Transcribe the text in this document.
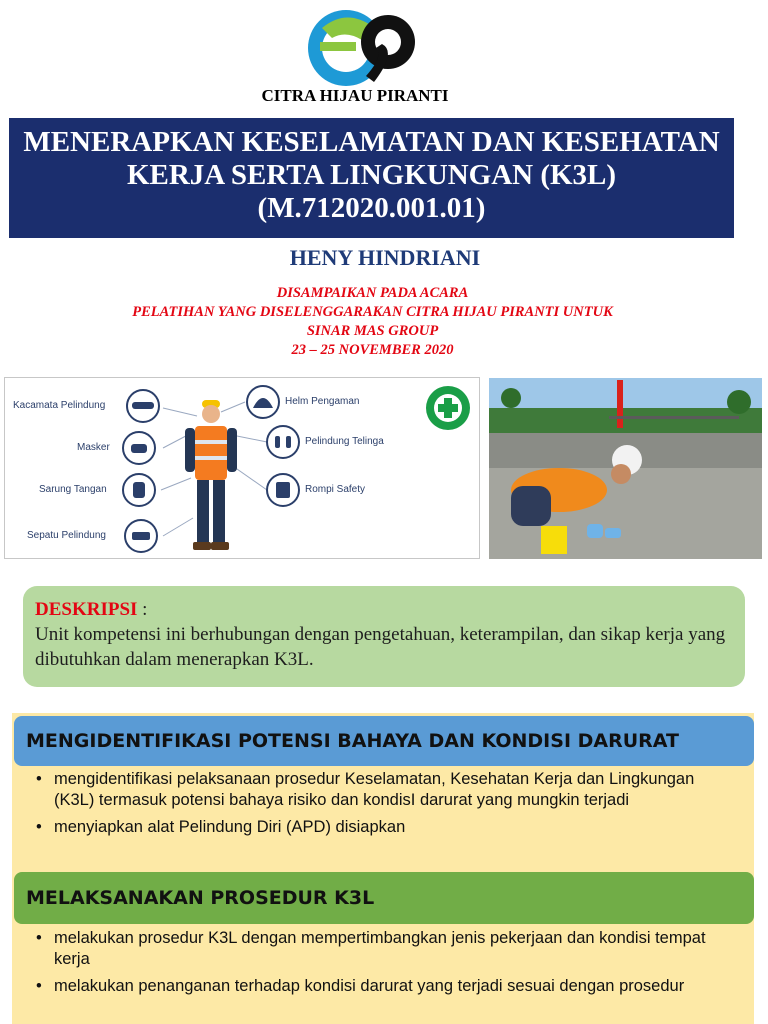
CITRA HIJAU PIRANTI
MENERAPKAN KESELAMATAN DAN KESEHATAN
KERJA SERTA LINGKUNGAN (K3L)
(M.712020.001.01)
HENY HINDRIANI
DISAMPAIKAN PADA ACARA
PELATIHAN YANG DISELENGGARAKAN CITRA HIJAU PIRANTI UNTUK
SINAR MAS GROUP
23 – 25 NOVEMBER 2020
Kacamata Pelindung
Masker
Sarung Tangan
Sepatu Pelindung
Helm Pengaman
Pelindung Telinga
Rompi Safety
DESKRIPSI :
Unit kompetensi ini berhubungan dengan pengetahuan, keterampilan, dan sikap kerja yang dibutuhkan dalam menerapkan K3L.
MENGIDENTIFIKASI POTENSI BAHAYA DAN KONDISI DARURAT
• mengidentifikasi pelaksanaan prosedur Keselamatan, Kesehatan Kerja dan Lingkungan (K3L) termasuk potensi bahaya risiko dan kondisI darurat yang mungkin terjadi
• menyiapkan alat Pelindung Diri (APD) disiapkan
MELAKSANAKAN PROSEDUR K3L
• melakukan prosedur K3L dengan mempertimbangkan jenis pekerjaan dan kondisi tempat kerja
• melakukan penanganan terhadap kondisi darurat yang terjadi sesuai dengan prosedur
